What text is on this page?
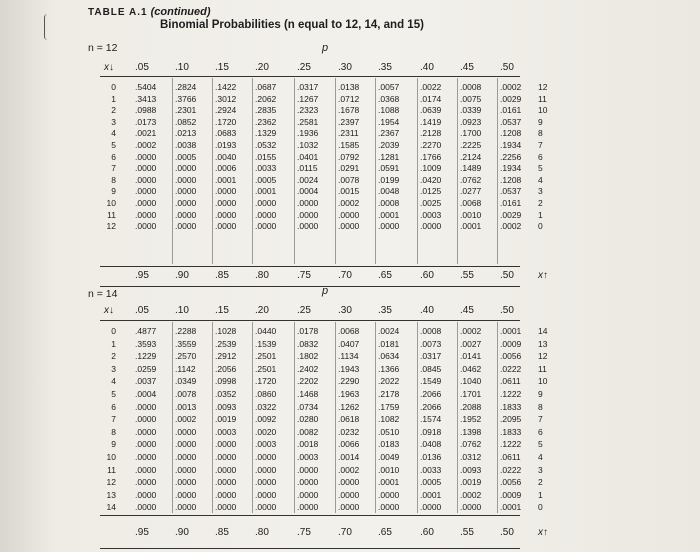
TABLE A.1 (continued)
Binomial Probabilities (n equal to 12, 14, and 15)
n = 12	p
x↓ .05	.10	.15	.20	.25	.30	.35	.40	.45	.50
0 .5404	.2824	.1422	.0687	.0317	.0138	.0057	.0022	.0008	.0002	12
1 .3413	.3766	.3012	.2062	.1267	.0712	.0368	.0174	.0075	.0029	11
2 .0988	.2301	.2924	.2835	.2323	.1678	.1088	.0639	.0339	.0161	10
3 .0173	.0852	.1720	.2362	.2581	.2397	.1954	.1419	.0923	.0537	9
4 .0021	.0213	.0683	.1329	.1936	.2311	.2367	.2128	.1700	.1208	8
5 .0002	.0038	.0193	.0532	.1032	.1585	.2039	.2270	.2225	.1934	7
6 .0000	.0005	.0040	.0155	.0401	.0792	.1281	.1766	.2124	.2256	6
7 .0000	.0000	.0006	.0033	.0115	.0291	.0591	.1009	.1489	.1934	5
8 .0000	.0000	.0001	.0005	.0024	.0078	.0199	.0420	.0762	.1208	4
9 .0000	.0000	.0000	.0001	.0004	.0015	.0048	.0125	.0277	.0537	3
10 .0000	.0000	.0000	.0000	.0000	.0002	.0008	.0025	.0068	.0161	2
11 .0000	.0000	.0000	.0000	.0000	.0000	.0001	.0003	.0010	.0029	1
12 .0000	.0000	.0000	.0000	.0000	.0000	.0000	.0000	.0001	.0002	0
.95	.90	.85	.80	.75	.70	.65	.60	.55	.50	x↑
n = 14	p
x↓ .05	.10	.15	.20	.25	.30	.35	.40	.45	.50
0 .4877	.2288	.1028	.0440	.0178	.0068	.0024	.0008	.0002	.0001	14
1 .3593	.3559	.2539	.1539	.0832	.0407	.0181	.0073	.0027	.0009	13
2 .1229	.2570	.2912	.2501	.1802	.1134	.0634	.0317	.0141	.0056	12
3 .0259	.1142	.2056	.2501	.2402	.1943	.1366	.0845	.0462	.0222	11
4 .0037	.0349	.0998	.1720	.2202	.2290	.2022	.1549	.1040	.0611	10
5 .0004	.0078	.0352	.0860	.1468	.1963	.2178	.2066	.1701	.1222	9
6 .0000	.0013	.0093	.0322	.0734	.1262	.1759	.2066	.2088	.1833	8
7 .0000	.0002	.0019	.0092	.0280	.0618	.1082	.1574	.1952	.2095	7
8 .0000	.0000	.0003	.0020	.0082	.0232	.0510	.0918	.1398	.1833	6
9 .0000	.0000	.0000	.0003	.0018	.0066	.0183	.0408	.0762	.1222	5
10 .0000	.0000	.0000	.0000	.0003	.0014	.0049	.0136	.0312	.0611	4
11 .0000	.0000	.0000	.0000	.0000	.0002	.0010	.0033	.0093	.0222	3
12 .0000	.0000	.0000	.0000	.0000	.0000	.0001	.0005	.0019	.0056	2
13 .0000	.0000	.0000	.0000	.0000	.0000	.0000	.0001	.0002	.0009	1
14 .0000	.0000	.0000	.0000	.0000	.0000	.0000	.0000	.0000	.0001	0
.95	.90	.85	.80	.75	.70	.65	.60	.55	.50	x↑
